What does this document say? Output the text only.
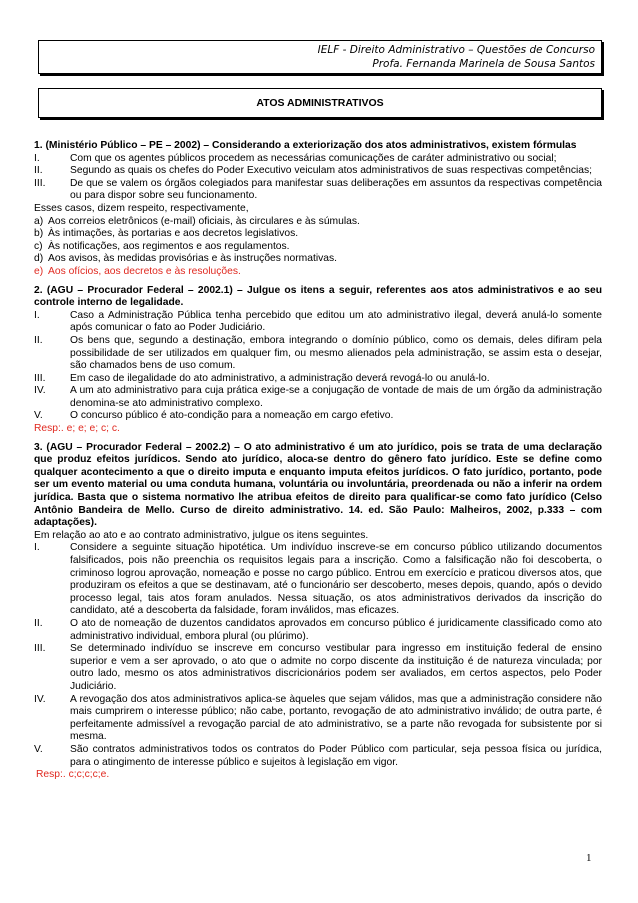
IELF - Direito Administrativo – Questões de Concurso
Profa. Fernanda Marinela de Sousa Santos
ATOS ADMINISTRATIVOS

1. (Ministério Público – PE – 2002) – Considerando a exteriorização dos atos administrativos, existem fórmulas

I.	Com que os agentes públicos procedem as necessárias comunicações de caráter administrativo ou social;
II.	Segundo as quais os chefes do Poder Executivo veiculam atos administrativos de suas respectivas competências;
III.	De que se valem os órgãos colegiados para manifestar suas deliberações em assuntos da respectivas competência ou para dispor sobre seu funcionamento.

Esses casos, dizem respeito, respectivamente,

a) Aos correios eletrônicos (e-mail) oficiais, às circulares e às súmulas.
b) Às intimações, às portarias e aos decretos legislativos.
c) Às notificações, aos regimentos e aos regulamentos.
d) Aos avisos, às medidas provisórias e às instruções normativas.
e) Aos ofícios, aos decretos e às resoluções.

2. (AGU – Procurador Federal – 2002.1) – Julgue os itens a seguir, referentes aos atos administrativos e ao seu controle interno de legalidade.

I.	Caso a Administração Pública tenha percebido que editou um ato administrativo ilegal, deverá anulá-lo somente após comunicar o fato ao Poder Judiciário.
II.	Os bens que, segundo a destinação, embora integrando o domínio público, como os demais, deles difiram pela possibilidade de ser utilizados em qualquer fim, ou mesmo alienados pela administração, se assim esta o desejar, são chamados bens de uso comum.
III.	Em caso de ilegalidade do ato administrativo, a administração deverá revogá-lo ou anulá-lo.
IV.	A um ato administrativo para cuja prática exige-se a conjugação de vontade de mais de um órgão da administração denomina-se ato administrativo complexo.
V.	O concurso público é ato-condição para a nomeação em cargo efetivo.

Resp:. e; e; e; c; c.

3. (AGU – Procurador Federal – 2002.2) – O ato administrativo é um ato jurídico, pois se trata de uma declaração que produz efeitos jurídicos. Sendo ato jurídico, aloca-se dentro do gênero fato jurídico. Este se define como qualquer acontecimento a que o direito imputa e enquanto imputa efeitos jurídicos. O fato jurídico, portanto, pode ser um evento material ou uma conduta humana, voluntária ou involuntária, preordenada ou não a inferir na ordem jurídica. Basta que o sistema normativo lhe atribua efeitos de direito para qualificar-se como fato jurídico (Celso Antônio Bandeira de Mello. Curso de direito administrativo. 14. ed. São Paulo: Malheiros, 2002, p.333 – com adaptações).

Em relação ao ato e ao contrato administrativo, julgue os itens seguintes.

I.	Considere a seguinte situação hipotética. Um indivíduo inscreve-se em concurso público utilizando documentos falsificados, pois não preenchia os requisitos legais para a inscrição. Como a falsificação não foi descoberta, o criminoso logrou aprovação, nomeação e posse no cargo público. Entrou em exercício e praticou diversos atos, que produziram os efeitos a que se destinavam, até o funcionário ser descoberto, meses depois, quando, após o devido processo legal, tais atos foram anulados. Nessa situação, os atos administrativos derivados da inscrição do candidato, até a descoberta da falsidade, foram inválidos, mas eficazes.
II.	O ato de nomeação de duzentos candidatos aprovados em concurso público é juridicamente classificado como ato administrativo individual, embora plural (ou plúrimo).
III.	Se determinado indivíduo se inscreve em concurso vestibular para ingresso em instituição federal de ensino superior e vem a ser aprovado, o ato que o admite no corpo discente da instituição é de natureza vinculada; por outro lado, mesmo os atos administrativos discricionários podem ser avaliados, em certos aspectos, pelo Poder Judiciário.
IV.	A revogação dos atos administrativos aplica-se àqueles que sejam válidos, mas que a administração considere não mais cumprirem o interesse público; não cabe, portanto, revogação de ato administrativo inválido; de outra parte, é perfeitamente admissível a revogação parcial de ato administrativo, se a parte não revogada for subsistente por si mesma.
V.	São contratos administrativos todos os contratos do Poder Público com particular, seja pessoa física ou jurídica, para o atingimento de interesse público e sujeitos à legislação em vigor.

Resp:. c;c;c;c;e.

1
